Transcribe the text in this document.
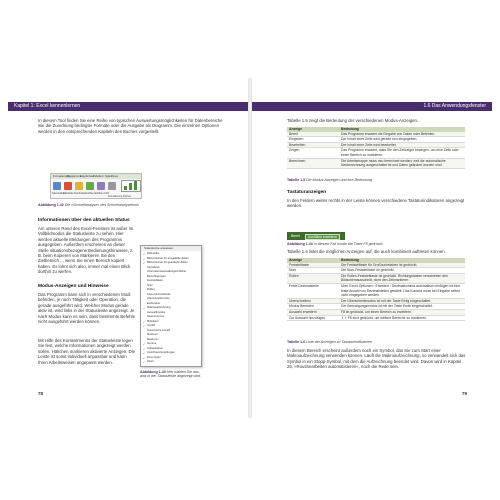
Kapitel 1: Excel kennenlernen
In diesem Tool finden Sie eine Reihe von typischen Auswertungsmöglichkeiten für Datenbereiche wie die Zuordnung bedingter Formate oder die Ausgabe als Diagramm. Die einzelnen Optionen werden in den entsprechenden Kapiteln des Buches vorgestellt.
Formatierung
Diagramme
Ergebnisse Tabellen Sparklines
Datenbalken
Farbskala Symbolsatz Größer als Obere 10%
Formatierung löschen
Abbildung 1.42 Die »Schnellanalyse« des Schnellanalysetools
Informationen über den aktuellen Status
Am unteren Rand des Excel-Fensters ist außer im Vollbildmodus die Statusleiste zu sehen. Hier werden aktuelle Meldungen des Programms ausgegeben. Außerdem erscheinen an dieser Stelle situationsbezogene Bedienungshinweise, z. B. beim Kopieren von Markieren Sie den Zielbereich ... wenn Sie einen Bereich kopiert haben. Es lohnt sich also, immer mal einen Blick dorthin zu werfen.
Modus-Anzeigen und Hinweise
Das Programm kann sich in verschiedenen Modi befinden, je nach Tätigkeit oder Operation, die gerade ausgeführt wird. Welcher Modus gerade aktiv ist, wird links in der Statusleiste angezeigt. Je nach Modus kann es sein, dass bestimmte Befehle nicht ausgeführt werden können.
Mit Hilfe des Kontextmenüs der Statusleiste legen Sie fest, welche Informationen angezeigt werden sollen. Häkchen markieren aktivierte Anzeigen. Die Leiste ist somit individuell anpassbar und kann Ihren Arbeitsweisen angepasst werden.
Statusleiste anpassen
✓ Zellmodus
✓ Blitzvorschau für ausgefüllte Zellen
✓ Blitzvorschau für geänderte Zellen
Signaturen
Informationsverwaltungsrichtlinie
Berechtigungen
Feststelltaste
Num
Rollen
Feste Dezimalstelle
Überschreibmodus
Endmodus
✓ Makroaufzeichnung
Auswahlmodus
Seitennummer
✓ Mittelwert
✓ Anzahl
Numerische Anzahl
Minimum
Maximum
✓ Summe
✓ Uploadstatus
✓ Ansichtsverknüpfungen
✓ Zoomregler
✓ Zoom
Abbildung 1.43 Hier wählen Sie aus, was in der Statusleiste angezeigt wird.
78
1.6 Das Anwendungsfenster
Tabelle 1.5 zeigt die Bedeutung der verschiedenen Modus-Anzeigen.
Anzeige	Bedeutung
Bereit	Das Programm erwartet die Eingabe von Daten oder Befehlen.
Eingeben	Der Inhalt einer Zelle wird gerade neu eingegeben.
Bearbeiten	Der Inhalt einer Zelle wird bearbeitet.
Zeigen	Das Programm erwartet, dass Sie den Zellzeiger bewegen, um eine Zelle oder einen Bereich zu markieren.
Berechnen	Die Arbeitsmappe muss neu berechnet werden, weil die automatische Neuberechnung ausgeschaltet ist und Daten geändert worden sind.
Tabelle 1.5 Die Modus-Anzeigen und ihre Bedeutung
Tastaturanzeigen
In den Feldern weiter rechts in der Leiste können verschiedene Tastaturindikatoren angezeigt werden.
Abbildung 1.44 In diesem Fall wurde die Taste F8 gedrückt.
Tabelle 1.6 listet die möglichen Anzeigen auf, die auch kombiniert auftreten können.
Anzeige	Bedeutung
Feststelltaste	Die Feststelltaste für Großbuchstaben ist gedrückt.
Num	Die Num-Feststelltaste ist gedrückt.
Rollen	Die Rollen-Feststelltaste ist gedrückt. Richtungstasten verschieben den Bildschirmausschnitt, nicht den Zellmarkierer.
Feste Dezimalstelle	Über Excel-Optionen › Erweitert › Dezimalkomma automatisch einfügen ist eine feste Anzahl von Dezimalstellen gewählt. Das Komma muss bei Eingabe selbst nicht eingegeben werden.
Überschreiben	Der Überschreibmodus ist mit der Taste Einfg eingeschaltet.
Modus Beenden	Der Beendigungsmodus ist mit der Taste Ende eingeschaltet.
Auswahl erweitern	F8 ist gedrückt, um einen Bereich zu erweitern.
Zur Auswahl hinzufügen	⇧ + F8 sind gedrückt, um weitere Bereiche zu markieren.
Tabelle 1.6 Liste der Anzeigen zu Tastaturindikatoren
In diesem Bereich erscheint außerdem noch ein Symbol, das Sie zum Start einer Makroaufzeichnung verwenden können. Läuft die Makroaufzeichnung, so verwandelt sich das Symbol in ein Stopp-Symbol, mit dem die Aufzeichnung beendet wird. Davon wird in Kapitel 25, »Routinearbeiten automatisieren«, noch die Rede sein.
79
Bereit	Ausfüllen erweitern
